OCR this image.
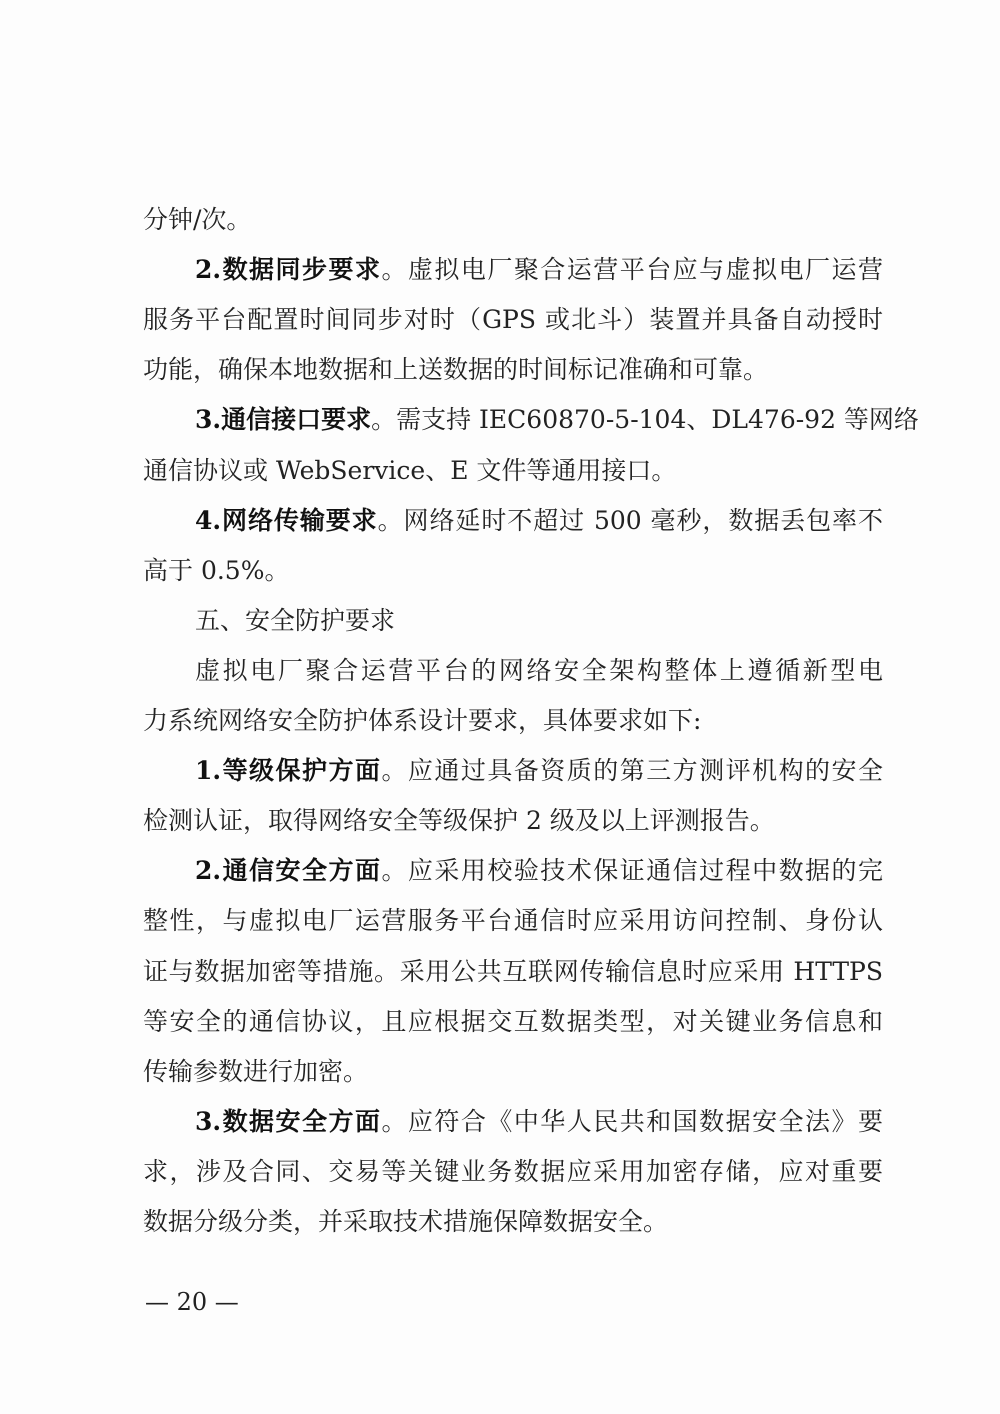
分钟/次。
2.数据同步要求。虚拟电厂聚合运营平台应与虚拟电厂运营
服务平台配置时间同步对时（GPS 或北斗）装置并具备自动授时
功能，确保本地数据和上送数据的时间标记准确和可靠。
3.通信接口要求。需支持 IEC60870-5-104、DL476-92 等网络
通信协议或 WebService、E 文件等通用接口。
4.网络传输要求。网络延时不超过 500 毫秒，数据丢包率不
高于 0.5%。
五、安全防护要求
虚拟电厂聚合运营平台的网络安全架构整体上遵循新型电
力系统网络安全防护体系设计要求，具体要求如下:
1.等级保护方面。应通过具备资质的第三方测评机构的安全
检测认证，取得网络安全等级保护 2 级及以上评测报告。
2.通信安全方面。应采用校验技术保证通信过程中数据的完
整性，与虚拟电厂运营服务平台通信时应采用访问控制、身份认
证与数据加密等措施。采用公共互联网传输信息时应采用 HTTPS
等安全的通信协议，且应根据交互数据类型，对关键业务信息和
传输参数进行加密。
3.数据安全方面。应符合《中华人民共和国数据安全法》要
求，涉及合同、交易等关键业务数据应采用加密存储，应对重要
数据分级分类，并采取技术措施保障数据安全。
— 20 —
